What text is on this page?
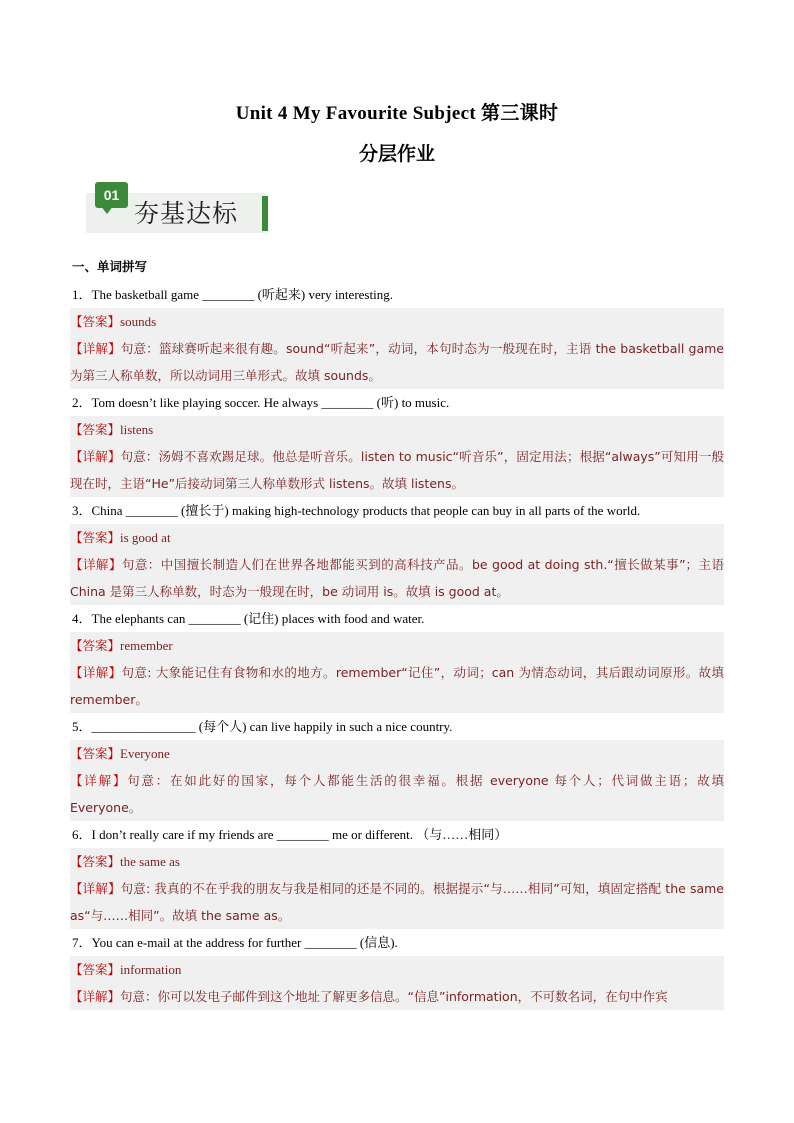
Unit 4 My Favourite Subject 第三课时
分层作业
01
夯基达标
一、单词拼写
1．The basketball game ________ (听起来) very interesting.
【答案】sounds
【详解】句意：篮球赛听起来很有趣。sound“听起来”，动词，本句时态为一般现在时，主语 the basketball game 为第三人称单数，所以动词用三单形式。故填 sounds。
2．Tom doesn’t like playing soccer. He always ________ (听) to music.
【答案】listens
【详解】句意：汤姆不喜欢踢足球。他总是听音乐。listen to music“听音乐”，固定用法；根据“always”可知用一般现在时，主语“He”后接动词第三人称单数形式 listens。故填 listens。
3．China ________ (擅长于) making high-technology products that people can buy in all parts of the world.
【答案】is good at
【详解】句意：中国擅长制造人们在世界各地都能买到的高科技产品。be good at doing sth.“擅长做某事”；主语 China 是第三人称单数，时态为一般现在时，be 动词用 is。故填 is good at。
4．The elephants can ________ (记住) places with food and water.
【答案】remember
【详解】句意: 大象能记住有食物和水的地方。remember“记住”，动词；can 为情态动词，其后跟动词原形。故填 remember。
5．________________ (每个人) can live happily in such a nice country.
【答案】Everyone
【详解】句意：在如此好的国家，每个人都能生活的很幸福。根据 everyone 每个人；代词做主语；故填 Everyone。
6．I don’t really care if my friends are ________ me or different. （与……相同）
【答案】the same as
【详解】句意: 我真的不在乎我的朋友与我是相同的还是不同的。根据提示“与……相同”可知，填固定搭配 the same as“与……相同”。故填 the same as。
7．You can e-mail at the address for further ________ (信息).
【答案】information
【详解】句意：你可以发电子邮件到这个地址了解更多信息。“信息”information，不可数名词，在句中作宾
